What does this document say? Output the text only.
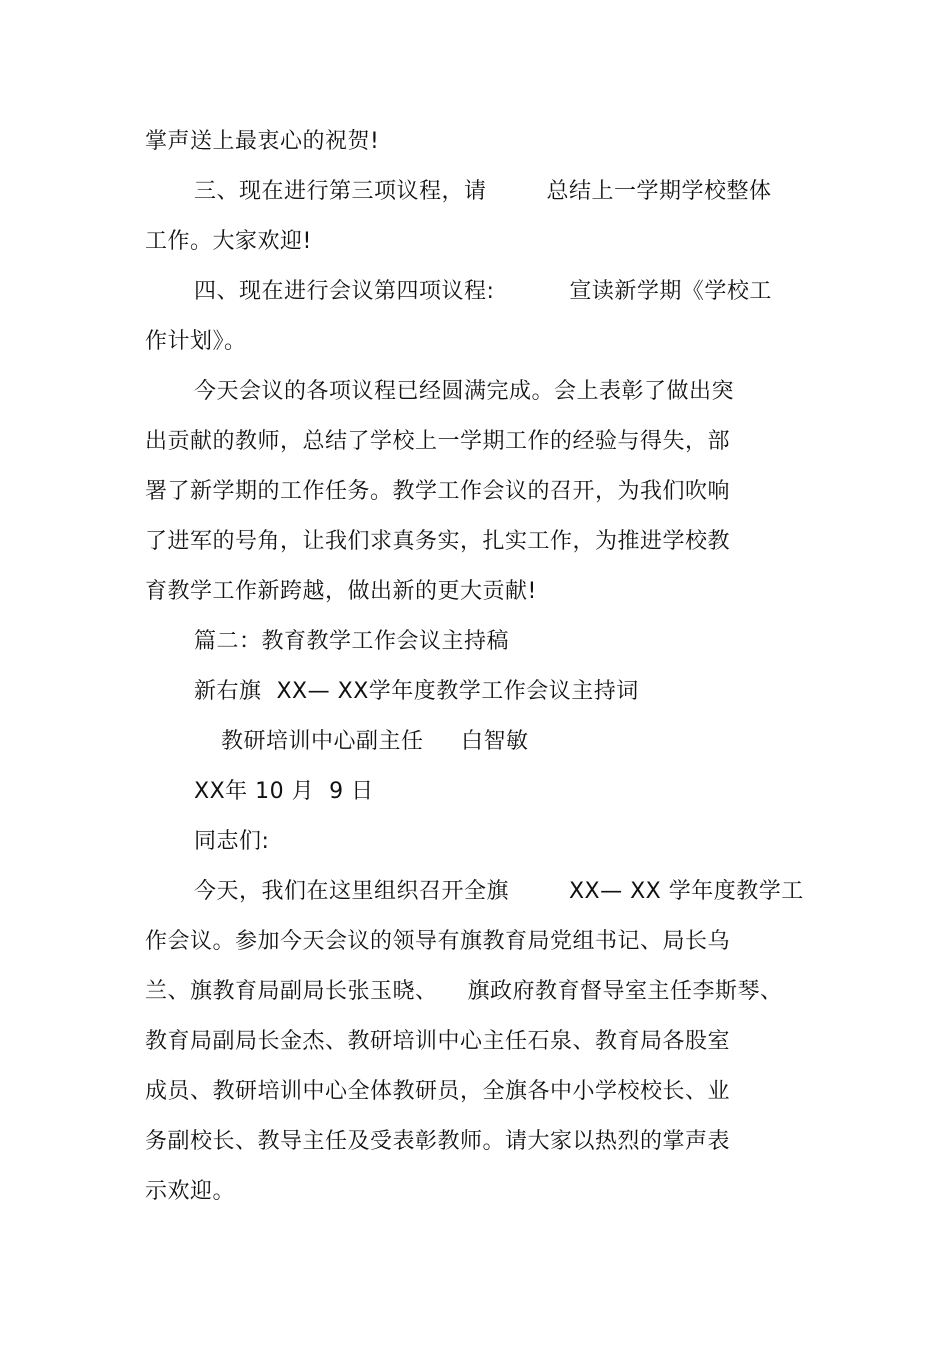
掌声送上最衷心的祝贺!
三、现在进行第三项议程，请        总结上一学期学校整体
工作。大家欢迎!
四、现在进行会议第四项议程:          宣读新学期《学校工
作计划》。
今天会议的各项议程已经圆满完成。会上表彰了做出突
出贡献的教师，总结了学校上一学期工作的经验与得失，部
署了新学期的工作任务。教学工作会议的召开，为我们吹响
了进军的号角，让我们求真务实，扎实工作，为推进学校教
育教学工作新跨越，做出新的更大贡献!
篇二：教育教学工作会议主持稿
新右旗  XX— XX学年度教学工作会议主持词
教研培训中心副主任     白智敏
XX年 10 月  9 日
同志们:
今天，我们在这里组织召开全旗        XX— XX 学年度教学工
作会议。参加今天会议的领导有旗教育局党组书记、局长乌
兰、旗教育局副局长张玉晓、    旗政府教育督导室主任李斯琴、
教育局副局长金杰、教研培训中心主任石泉、教育局各股室
成员、教研培训中心全体教研员，全旗各中小学校校长、业
务副校长、教导主任及受表彰教师。请大家以热烈的掌声表
示欢迎。
